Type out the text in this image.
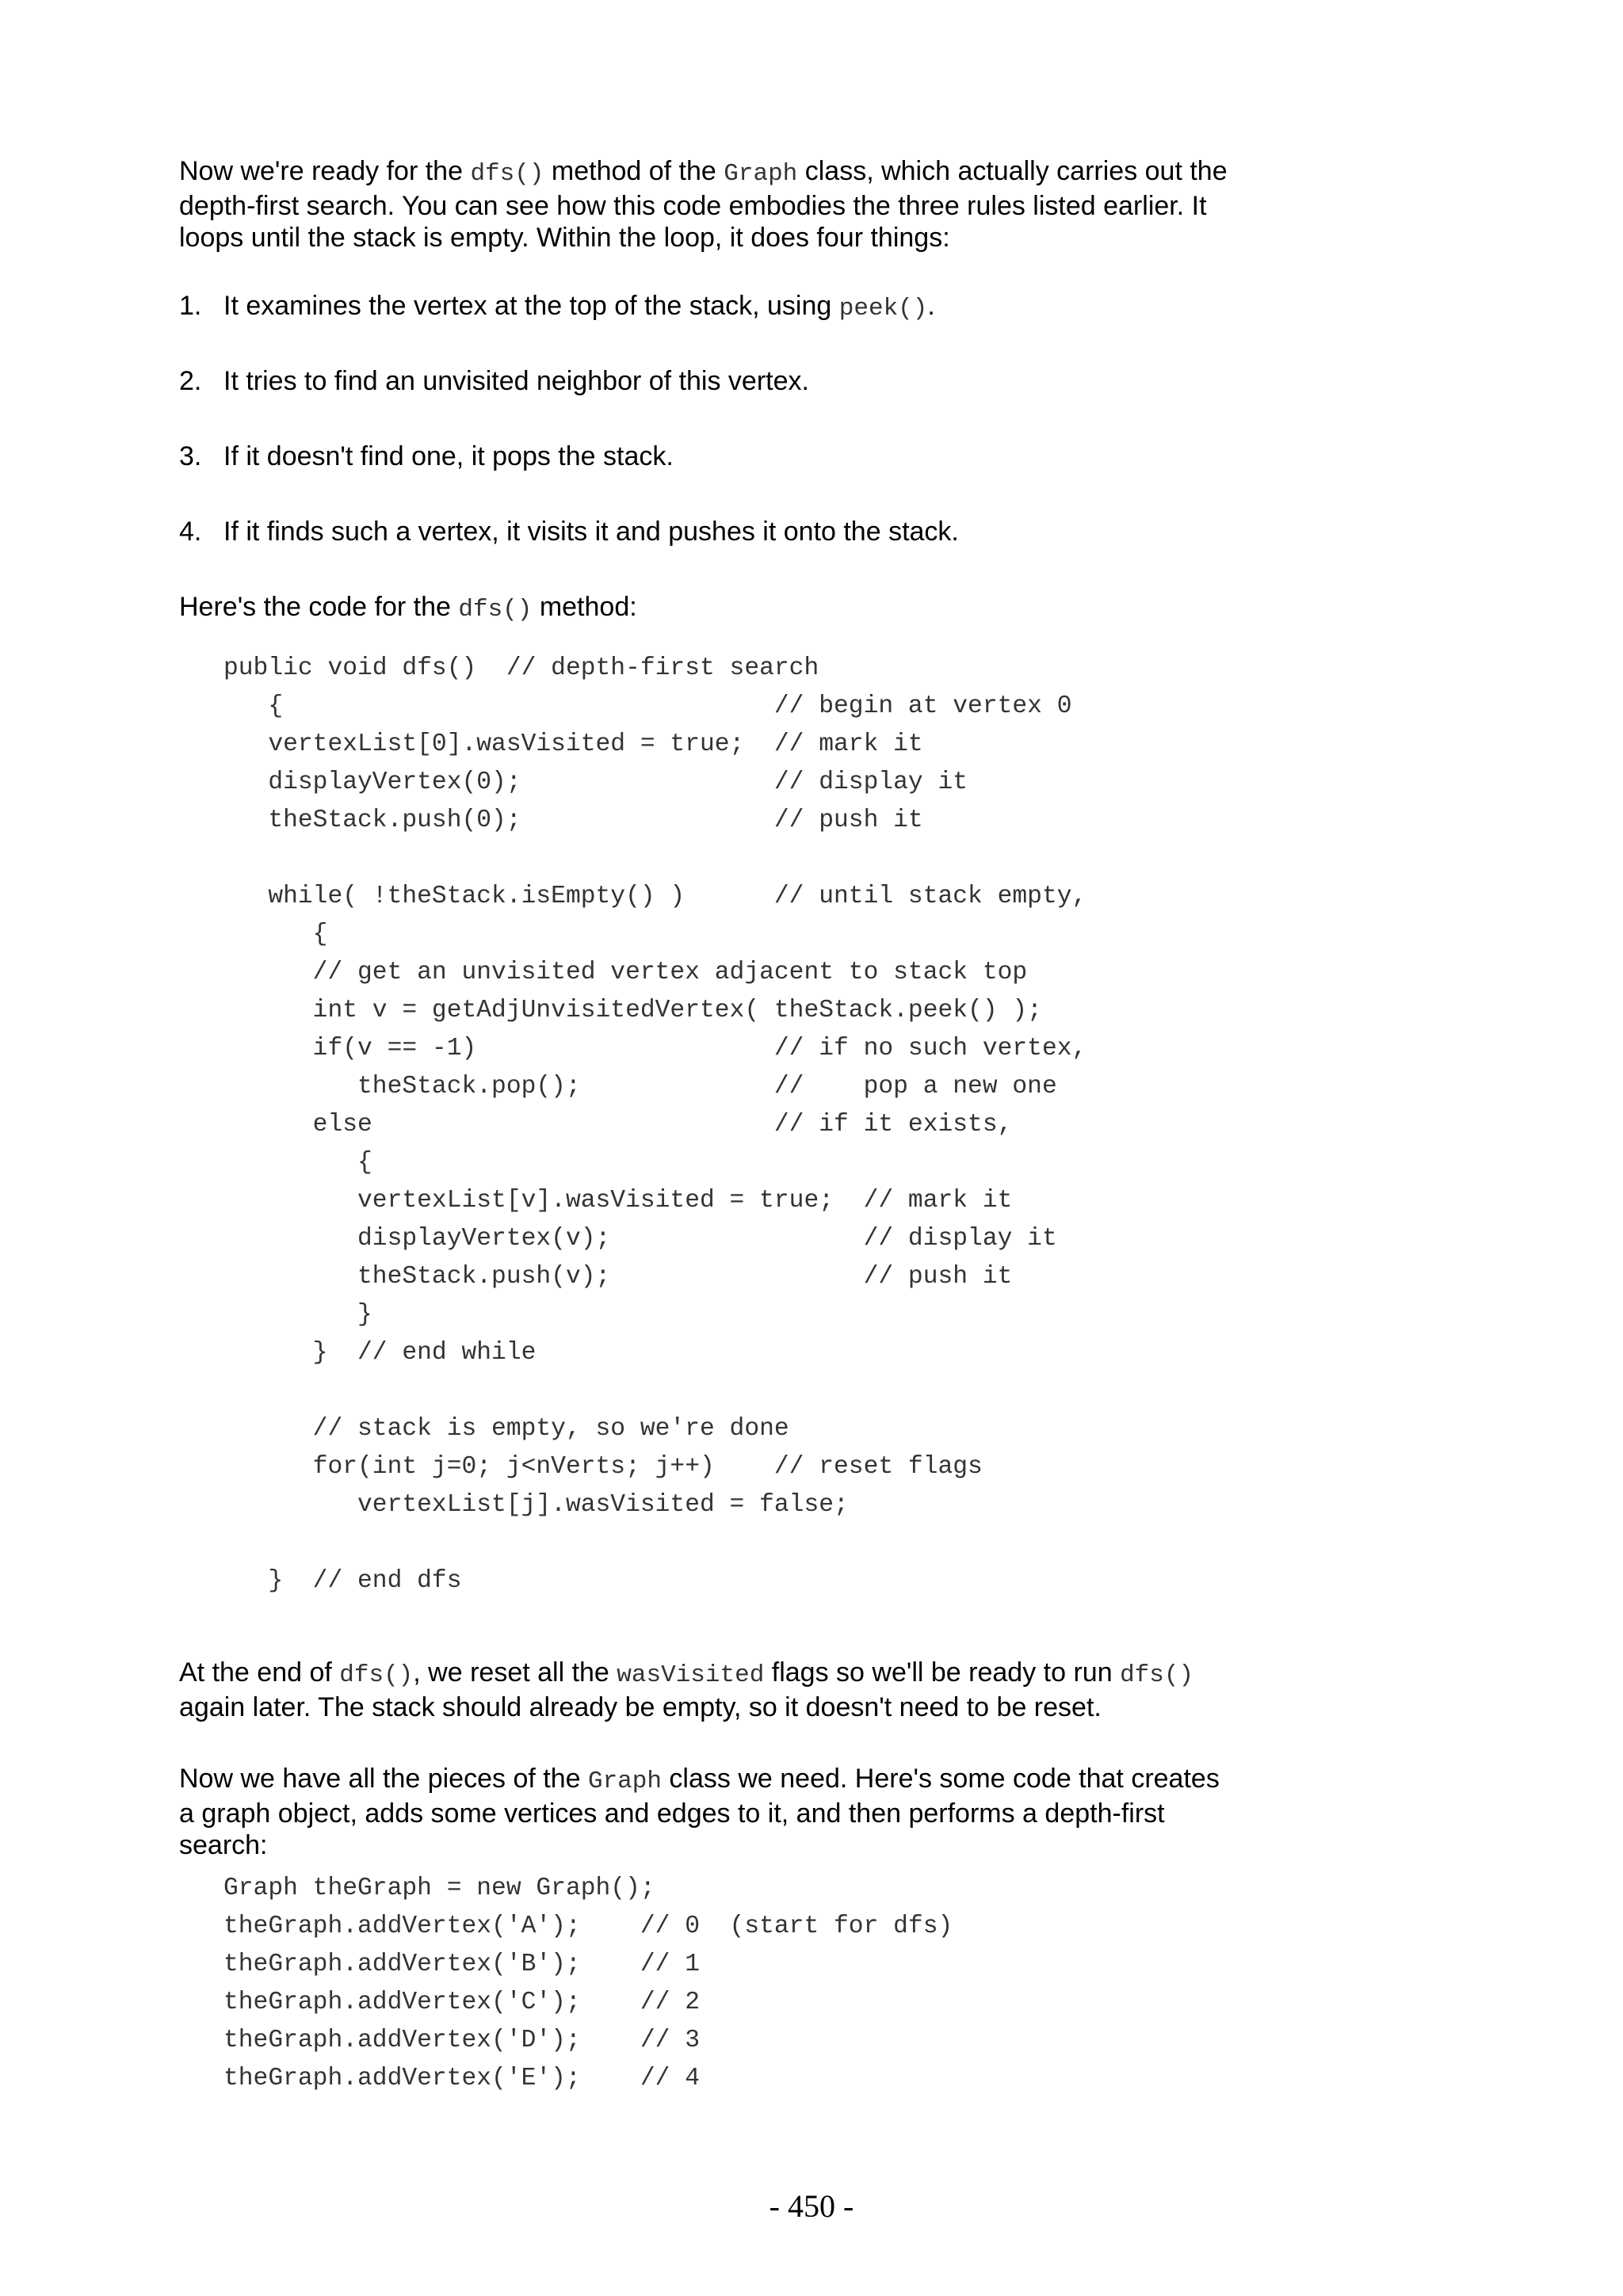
Now we're ready for the dfs() method of the Graph class, which actually carries out the
depth-first search. You can see how this code embodies the three rules listed earlier. It
loops until the stack is empty. Within the loop, it does four things:

1. It examines the vertex at the top of the stack, using peek().
2. It tries to find an unvisited neighbor of this vertex.
3. If it doesn't find one, it pops the stack.
4. If it finds such a vertex, it visits it and pushes it onto the stack.

Here's the code for the dfs() method:

public void dfs()  // depth-first search
{                                 // begin at vertex 0
vertexList[0].wasVisited = true;  // mark it
displayVertex(0);                 // display it
theStack.push(0);                 // push it

while( !theStack.isEmpty() )      // until stack empty,
{
// get an unvisited vertex adjacent to stack top
int v = getAdjUnvisitedVertex( theStack.peek() );
if(v == -1)                    // if no such vertex,
theStack.pop();             //    pop a new one
else                           // if it exists,
{
vertexList[v].wasVisited = true;  // mark it
displayVertex(v);                 // display it
theStack.push(v);                 // push it
}
}  // end while

// stack is empty, so we're done
for(int j=0; j<nVerts; j++)    // reset flags
vertexList[j].wasVisited = false;

}  // end dfs

At the end of dfs(), we reset all the wasVisited flags so we'll be ready to run dfs()
again later. The stack should already be empty, so it doesn't need to be reset.

Now we have all the pieces of the Graph class we need. Here's some code that creates
a graph object, adds some vertices and edges to it, and then performs a depth-first
search:

Graph theGraph = new Graph();
theGraph.addVertex('A');    // 0  (start for dfs)
theGraph.addVertex('B');    // 1
theGraph.addVertex('C');    // 2
theGraph.addVertex('D');    // 3
theGraph.addVertex('E');    // 4
- 450 -
